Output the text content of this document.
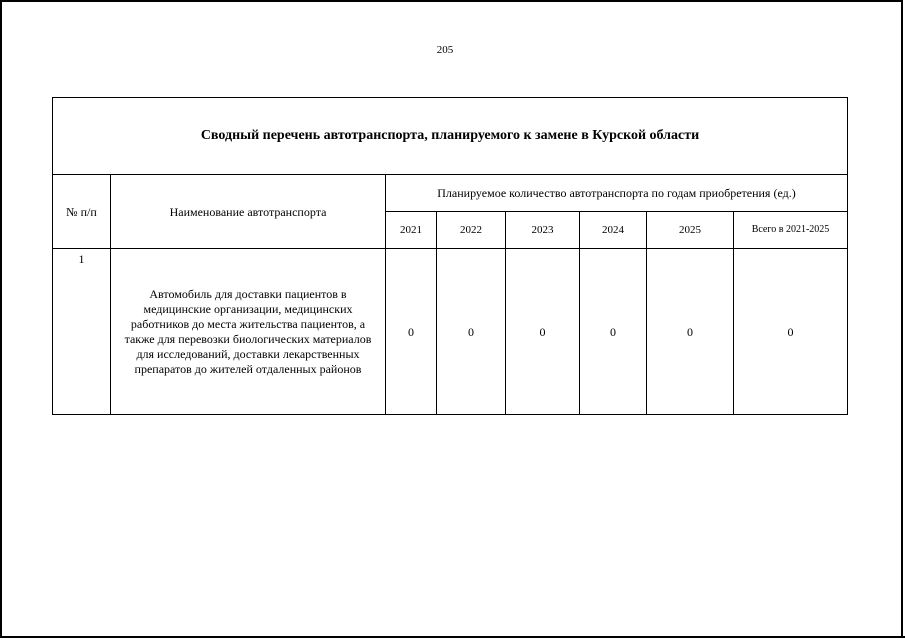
205
Сводный перечень автотранспорта, планируемого к замене в Курской области							
№ п/п	Наименование автотранспорта	Планируемое количество автотранспорта по годам приобретения (ед.)					
		2021	2022	2023	2024	2025	Всего в 2021-2025
1	Автомобиль для доставки пациентов в медицинские организации, медицинских работников до места жительства пациентов, а также для перевозки биологических материалов для исследований, доставки лекарственных препаратов до жителей отдаленных районов	0	0	0	0	0	0
